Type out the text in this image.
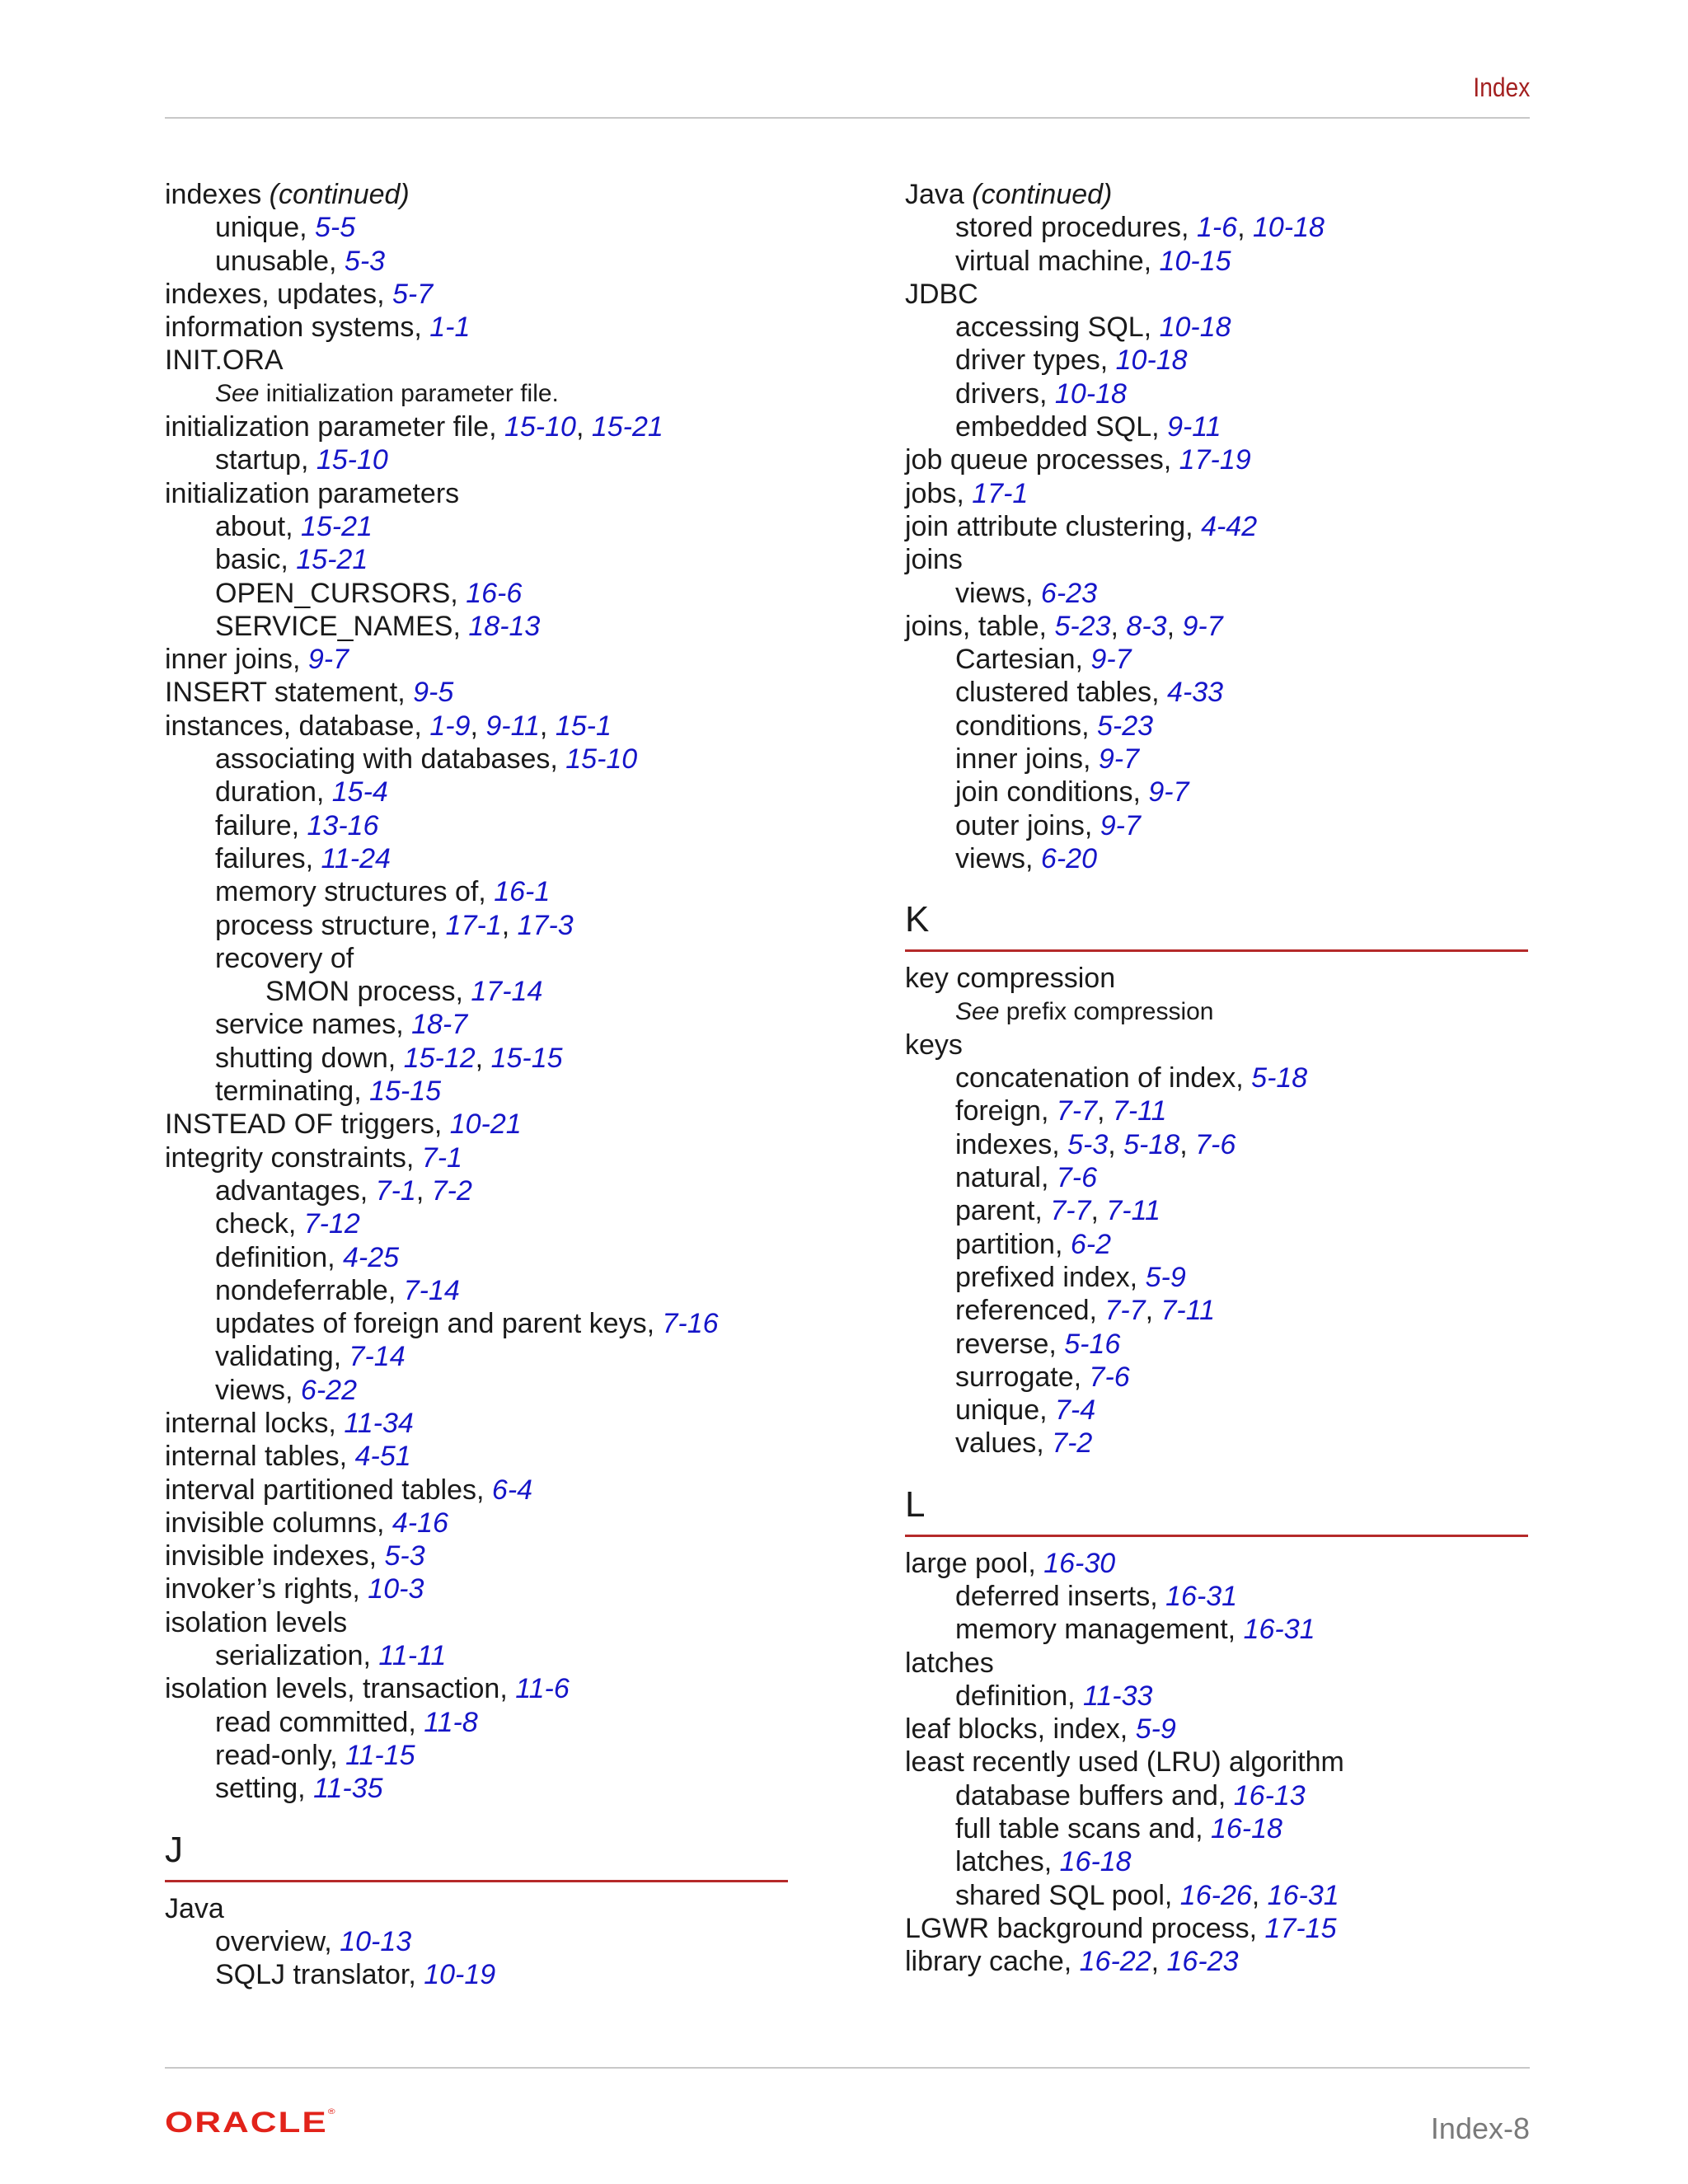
Index
indexes (continued)
unique, 5-5
unusable, 5-3
indexes, updates, 5-7
information systems, 1-1
INIT.ORA
See initialization parameter file.
initialization parameter file, 15-10, 15-21
startup, 15-10
initialization parameters
about, 15-21
basic, 15-21
OPEN_CURSORS, 16-6
SERVICE_NAMES, 18-13
inner joins, 9-7
INSERT statement, 9-5
instances, database, 1-9, 9-11, 15-1
associating with databases, 15-10
duration, 15-4
failure, 13-16
failures, 11-24
memory structures of, 16-1
process structure, 17-1, 17-3
recovery of
SMON process, 17-14
service names, 18-7
shutting down, 15-12, 15-15
terminating, 15-15
INSTEAD OF triggers, 10-21
integrity constraints, 7-1
advantages, 7-1, 7-2
check, 7-12
definition, 4-25
nondeferrable, 7-14
updates of foreign and parent keys, 7-16
validating, 7-14
views, 6-22
internal locks, 11-34
internal tables, 4-51
interval partitioned tables, 6-4
invisible columns, 4-16
invisible indexes, 5-3
invoker’s rights, 10-3
isolation levels
serialization, 11-11
isolation levels, transaction, 11-6
read committed, 11-8
read-only, 11-15
setting, 11-35
J
Java
overview, 10-13
SQLJ translator, 10-19
Java (continued)
stored procedures, 1-6, 10-18
virtual machine, 10-15
JDBC
accessing SQL, 10-18
driver types, 10-18
drivers, 10-18
embedded SQL, 9-11
job queue processes, 17-19
jobs, 17-1
join attribute clustering, 4-42
joins
views, 6-23
joins, table, 5-23, 8-3, 9-7
Cartesian, 9-7
clustered tables, 4-33
conditions, 5-23
inner joins, 9-7
join conditions, 9-7
outer joins, 9-7
views, 6-20
K
key compression
See prefix compression
keys
concatenation of index, 5-18
foreign, 7-7, 7-11
indexes, 5-3, 5-18, 7-6
natural, 7-6
parent, 7-7, 7-11
partition, 6-2
prefixed index, 5-9
referenced, 7-7, 7-11
reverse, 5-16
surrogate, 7-6
unique, 7-4
values, 7-2
L
large pool, 16-30
deferred inserts, 16-31
memory management, 16-31
latches
definition, 11-33
leaf blocks, index, 5-9
least recently used (LRU) algorithm
database buffers and, 16-13
full table scans and, 16-18
latches, 16-18
shared SQL pool, 16-26, 16-31
LGWR background process, 17-15
library cache, 16-22, 16-23
ORACLE®
Index-8
